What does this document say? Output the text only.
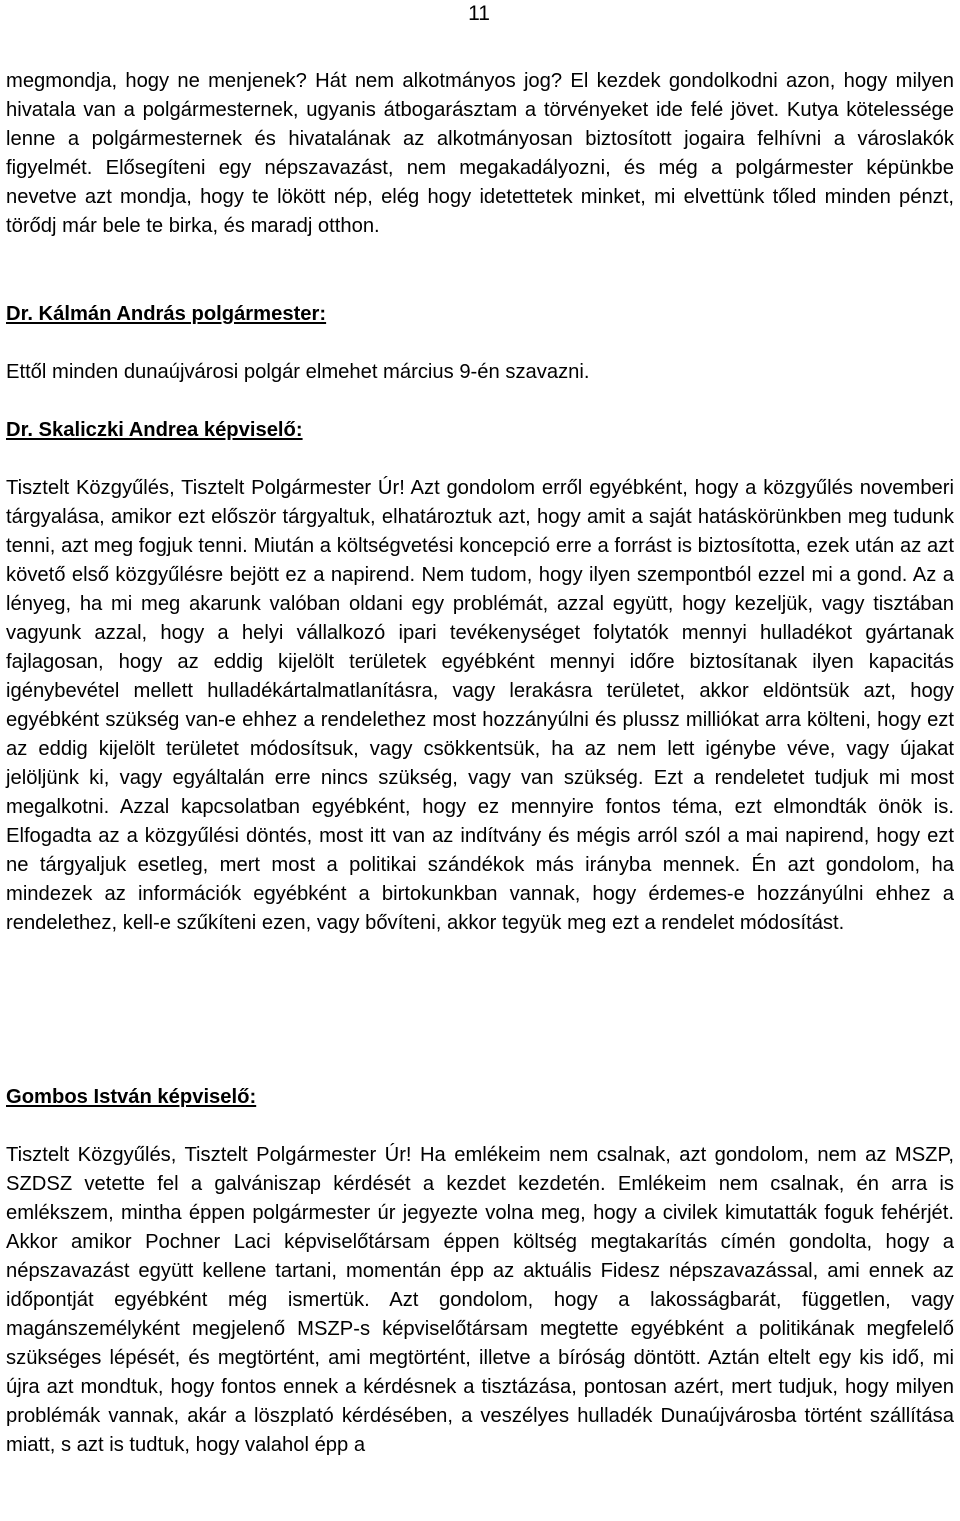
11

megmondja, hogy ne menjenek? Hát nem alkotmányos jog? El kezdek gondolkodni azon, hogy milyen hivatala van a polgármesternek, ugyanis átbogarásztam a törvényeket ide felé jövet. Kutya kötelessége lenne a polgármesternek és hivatalának az alkotmányosan biztosított jogaira felhívni a városlakók figyelmét. Elősegíteni egy népszavazást, nem megakadályozni, és még a polgármester képünkbe nevetve azt mondja, hogy te lökött nép, elég hogy idetettetek minket, mi elvettünk tőled minden pénzt, törődj már bele te birka, és maradj otthon.

Dr. Kálmán András polgármester:

Ettől minden dunaújvárosi polgár elmehet március 9-én szavazni.

Dr. Skaliczki Andrea képviselő:

Tisztelt Közgyűlés, Tisztelt Polgármester Úr! Azt gondolom erről egyébként, hogy a közgyűlés novemberi tárgyalása, amikor ezt először tárgyaltuk, elhatároztuk azt, hogy amit a saját hatáskörünkben meg tudunk tenni, azt meg fogjuk tenni. Miután a költségvetési koncepció erre a forrást is biztosította, ezek után az azt követő első közgyűlésre bejött ez a napirend. Nem tudom, hogy ilyen szempontból ezzel mi a gond. Az a lényeg, ha mi meg akarunk valóban oldani egy problémát, azzal együtt, hogy kezeljük, vagy tisztában vagyunk azzal, hogy a helyi vállalkozó ipari tevékenységet folytatók mennyi hulladékot gyártanak fajlagosan, hogy az eddig kijelölt területek egyébként mennyi időre biztosítanak ilyen kapacitás igénybevétel mellett hulladékártalmatlanításra, vagy lerakásra területet, akkor eldöntsük azt, hogy egyébként szükség van-e ehhez a rendelethez most hozzányúlni és plussz milliókat arra költeni, hogy ezt az eddig kijelölt területet módosítsuk, vagy csökkentsük, ha az nem lett igénybe véve, vagy újakat jelöljünk ki, vagy egyáltalán erre nincs szükség, vagy van szükség. Ezt a rendeletet tudjuk mi most megalkotni. Azzal kapcsolatban egyébként, hogy ez mennyire fontos téma, ezt elmondták önök is. Elfogadta az a közgyűlési döntés, most itt van az indítvány és mégis arról szól a mai napirend, hogy ezt ne tárgyaljuk esetleg, mert most a politikai szándékok más irányba mennek. Én azt gondolom, ha mindezek az információk egyébként a birtokunkban vannak, hogy érdemes-e hozzányúlni ehhez a rendelethez, kell-e szűkíteni ezen, vagy bővíteni, akkor tegyük meg ezt a rendelet módosítást.

Gombos István képviselő:

Tisztelt Közgyűlés, Tisztelt Polgármester Úr! Ha emlékeim nem csalnak, azt gondolom, nem az MSZP, SZDSZ vetette fel a galvániszap kérdését a kezdet kezdetén. Emlékeim nem csalnak, én arra is emlékszem, mintha éppen polgármester úr jegyezte volna meg, hogy a civilek kimutatták foguk fehérjét. Akkor amikor Pochner Laci képviselőtársam éppen költség megtakarítás címén gondolta, hogy a népszavazást együtt kellene tartani, momentán épp az aktuális Fidesz népszavazással, ami ennek az időpontját egyébként még ismertük. Azt gondolom, hogy a lakosságbarát, független, vagy magánszemélyként megjelenő MSZP-s képviselőtársam megtette egyébként a politikának megfelelő szükséges lépését, és megtörtént, ami megtörtént, illetve a bíróság döntött. Aztán eltelt egy kis idő, mi újra azt mondtuk, hogy fontos ennek a kérdésnek a tisztázása, pontosan azért, mert tudjuk, hogy milyen problémák vannak, akár a löszplató kérdésében, a veszélyes hulladék Dunaújvárosba történt szállítása miatt, s azt is tudtuk, hogy valahol épp a
